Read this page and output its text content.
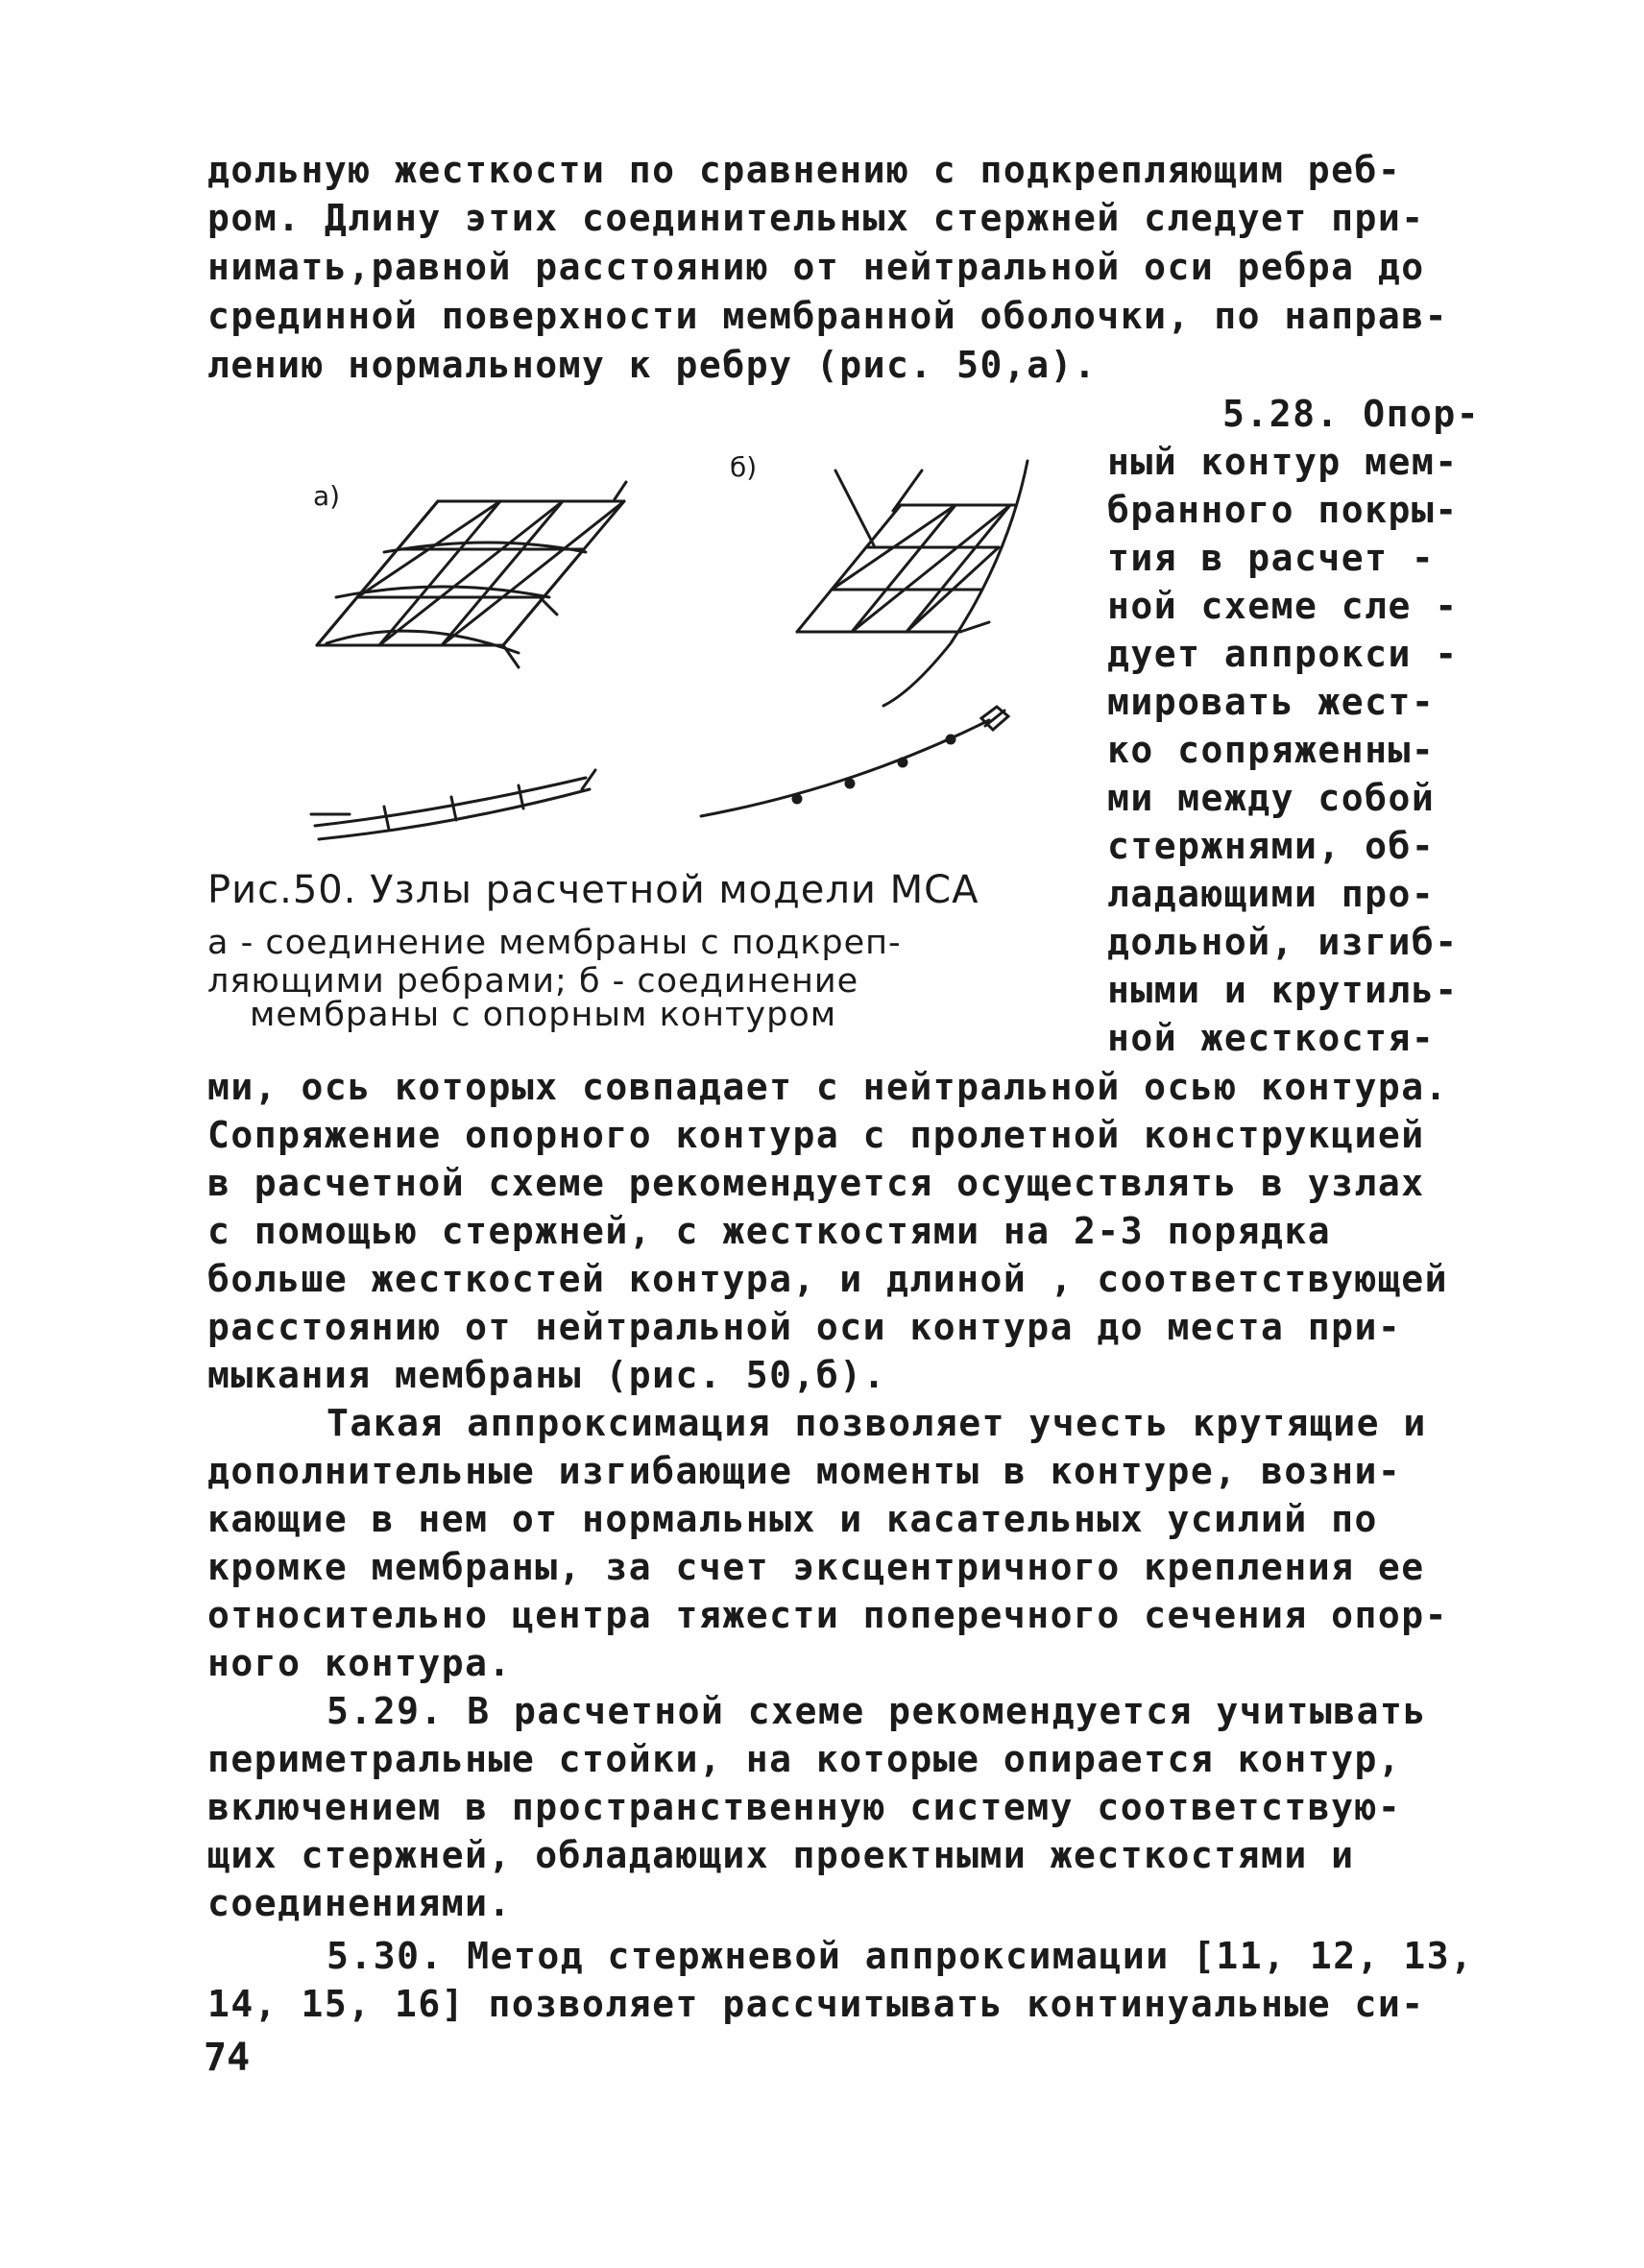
дольную жесткости по сравнению с подкрепляющим реб-
ром. Длину этих соединительных стержней следует при-
нимать,равной расстоянию от нейтральной оси ребра до
срединной поверхности мембранной оболочки, по направ-
лению нормальному к ребру (рис. 50,а).
5.28. Опор-
ный контур мем-
бранного покры-
тия в расчет -
ной схеме сле -
дует аппрокси -
мировать жест-
ко сопряженны-
ми между собой
стержнями, об-
ладающими про-
дольной, изгиб-
ными и крутиль-
ной жесткостя-
а)
б)
Рис.50. Узлы расчетной модели МСА
а - соединение мембраны с подкреп-
ляющими ребрами; б - соединение
мембраны с опорным контуром
ми, ось которых совпадает с нейтральной осью контура.
Сопряжение опорного контура с пролетной конструкцией
в расчетной схеме рекомендуется осуществлять в узлах
с помощью стержней, с жесткостями на 2-3 порядка
больше жесткостей контура, и длиной , соответствующей
расстоянию от нейтральной оси контура до места при-
мыкания мембраны (рис. 50,б).
Такая аппроксимация позволяет учесть крутящие и
дополнительные изгибающие моменты в контуре, возни-
кающие в нем от нормальных и касательных усилий по
кромке мембраны, за счет эксцентричного крепления ее
относительно центра тяжести поперечного сечения опор-
ного контура.
5.29. В расчетной схеме рекомендуется учитывать
периметральные стойки, на которые опирается контур,
включением в пространственную систему соответствую-
щих стержней, обладающих проектными жесткостями и
соединениями.
5.30. Метод стержневой аппроксимации [11, 12, 13,
14, 15, 16] позволяет рассчитывать континуальные си-
74
